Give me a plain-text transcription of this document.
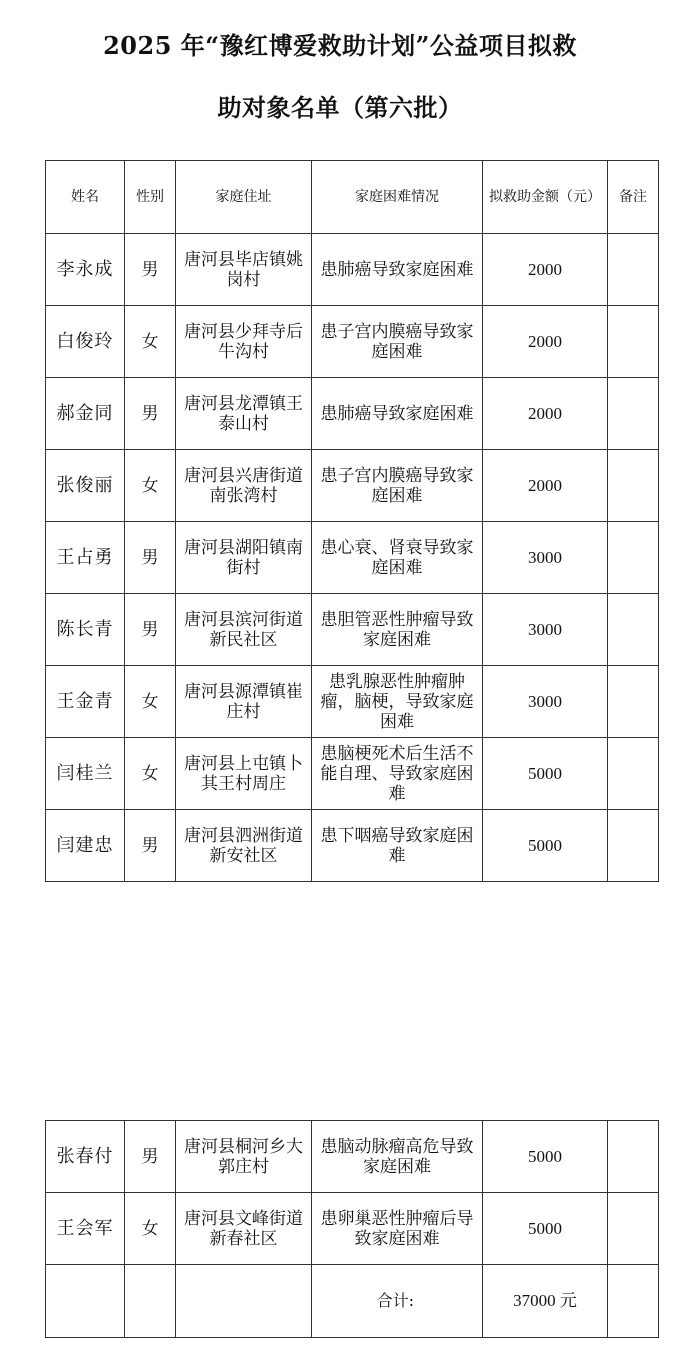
2025 年“豫红博爱救助计划”公益项目拟救
助对象名单（第六批）
姓名	性别	家庭住址	家庭困难情况	拟救助金额（元）	备注
李永成	男	唐河县毕店镇姚岗村	患肺癌导致家庭困难	2000	
白俊玲	女	唐河县少拜寺后牛沟村	患子宫内膜癌导致家庭困难	2000	
郝金同	男	唐河县龙潭镇王泰山村	患肺癌导致家庭困难	2000	
张俊丽	女	唐河县兴唐街道南张湾村	患子宫内膜癌导致家庭困难	2000	
王占勇	男	唐河县湖阳镇南街村	患心衰、肾衰导致家庭困难	3000	
陈长青	男	唐河县滨河街道新民社区	患胆管恶性肿瘤导致家庭困难	3000	
王金青	女	唐河县源潭镇崔庄村	患乳腺恶性肿瘤肿瘤，脑梗，导致家庭困难	3000	
闫桂兰	女	唐河县上屯镇卜其王村周庄	患脑梗死术后生活不能自理、导致家庭困难	5000	
闫建忠	男	唐河县泗洲街道新安社区	患下咽癌导致家庭困难	5000	
张春付	男	唐河县桐河乡大郭庄村	患脑动脉瘤高危导致家庭困难	5000	
王会军	女	唐河县文峰街道新春社区	患卵巢恶性肿瘤后导致家庭困难	5000	
			合计:	37000 元	
